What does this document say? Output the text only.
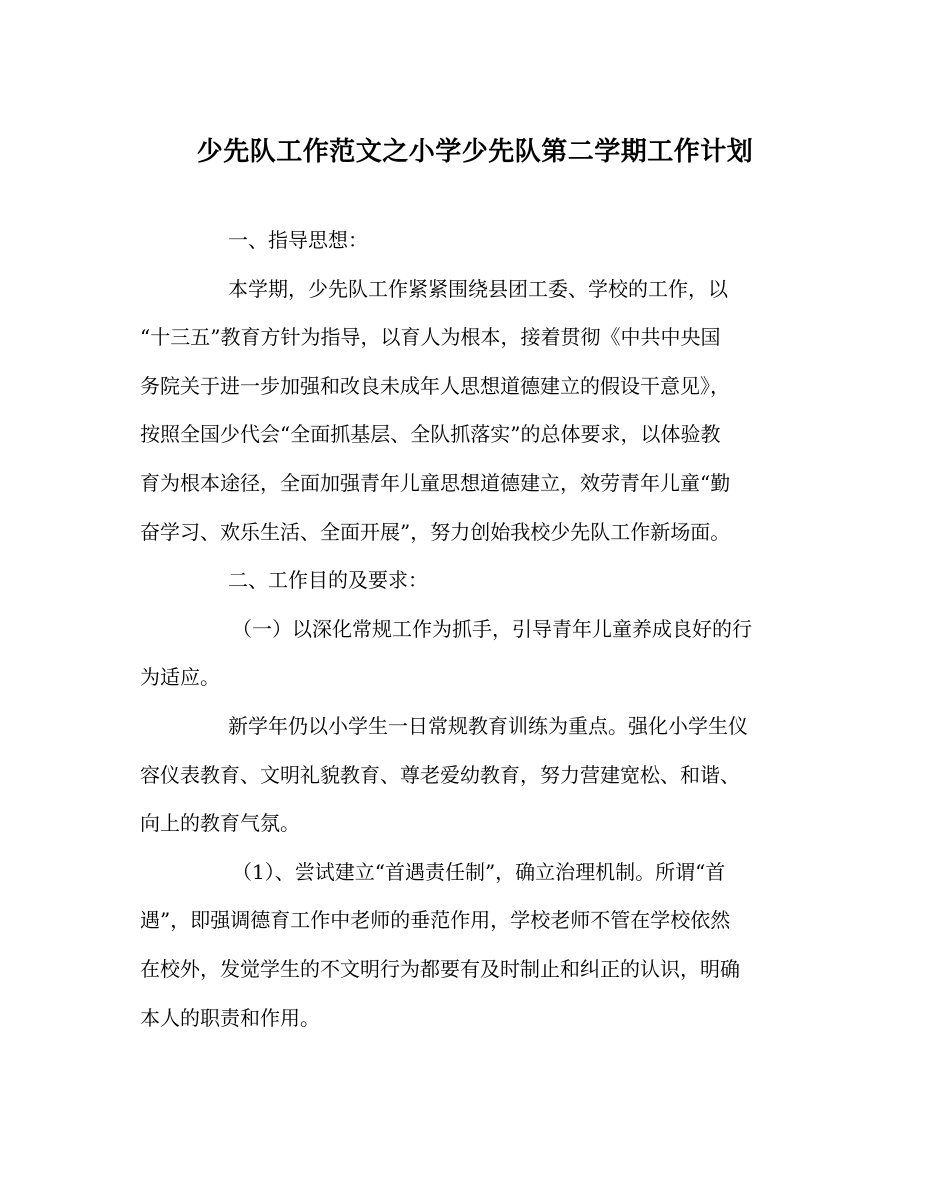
少先队工作范文之小学少先队第二学期工作计划
一、指导思想：
本学期，少先队工作紧紧围绕县团工委、学校的工作，以
“十三五”教育方针为指导，以育人为根本，接着贯彻《中共中央国
务院关于进一步加强和改良未成年人思想道德建立的假设干意见》，
按照全国少代会“全面抓基层、全队抓落实”的总体要求，以体验教
育为根本途径，全面加强青年儿童思想道德建立，效劳青年儿童“勤
奋学习、欢乐生活、全面开展”，努力创始我校少先队工作新场面。
二、工作目的及要求：
（一）以深化常规工作为抓手，引导青年儿童养成良好的行
为适应。
新学年仍以小学生一日常规教育训练为重点。强化小学生仪
容仪表教育、文明礼貌教育、尊老爱幼教育，努力营建宽松、和谐、
向上的教育气氛。
（1）、尝试建立“首遇责任制”，确立治理机制。所谓“首
遇”，即强调德育工作中老师的垂范作用，学校老师不管在学校依然
在校外，发觉学生的不文明行为都要有及时制止和纠正的认识，明确
本人的职责和作用。
